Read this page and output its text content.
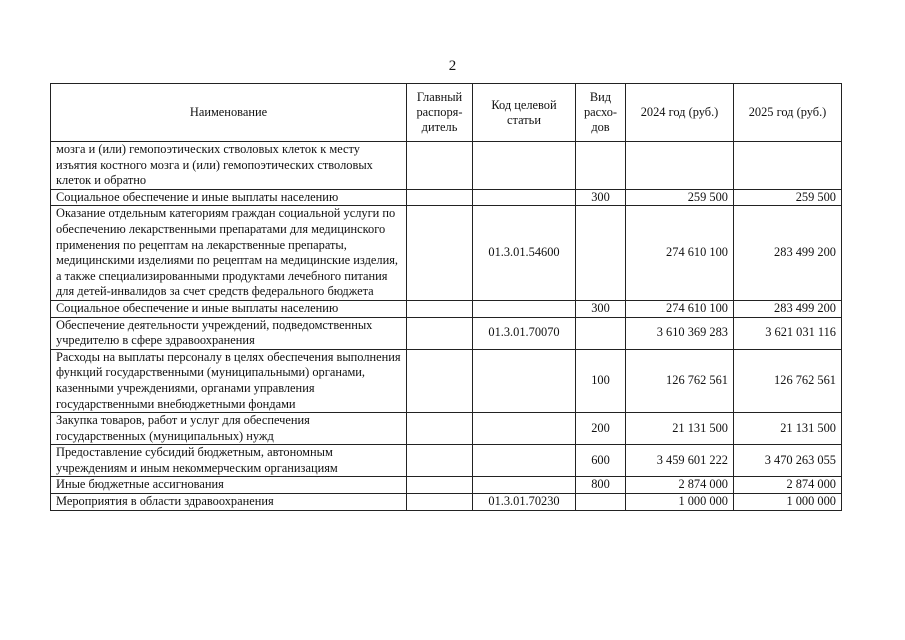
2
Наименование	Главный распоря-дитель	Код целевой статьи	Вид расхо-дов	2024 год (руб.)	2025 год (руб.)
мозга и (или) гемопоэтических стволовых клеток к месту изъятия костного мозга и (или) гемопоэтических стволовых клеток и обратно					
Социальное обеспечение и иные выплаты населению			300	259 500	259 500
Оказание отдельным категориям граждан социальной услуги по обеспечению лекарственными препаратами для медицинского применения по рецептам на лекарственные препараты, медицинскими изделиями по рецептам на медицинские изделия, а также специализированными продуктами лечебного питания для детей-инвалидов за счет средств федерального бюджета		01.3.01.54600		274 610 100	283 499 200
Социальное обеспечение и иные выплаты населению			300	274 610 100	283 499 200
Обеспечение деятельности учреждений, подведомственных учредителю в сфере здравоохранения		01.3.01.70070		3 610 369 283	3 621 031 116
Расходы на выплаты персоналу в целях обеспечения выполнения функций государственными (муниципальными) органами, казенными учреждениями, органами управления государственными внебюджетными фондами			100	126 762 561	126 762 561
Закупка товаров, работ и услуг для обеспечения государственных (муниципальных) нужд			200	21 131 500	21 131 500
Предоставление субсидий бюджетным, автономным учреждениям и иным некоммерческим организациям			600	3 459 601 222	3 470 263 055
Иные бюджетные ассигнования			800	2 874 000	2 874 000
Мероприятия в области здравоохранения		01.3.01.70230		1 000 000	1 000 000
